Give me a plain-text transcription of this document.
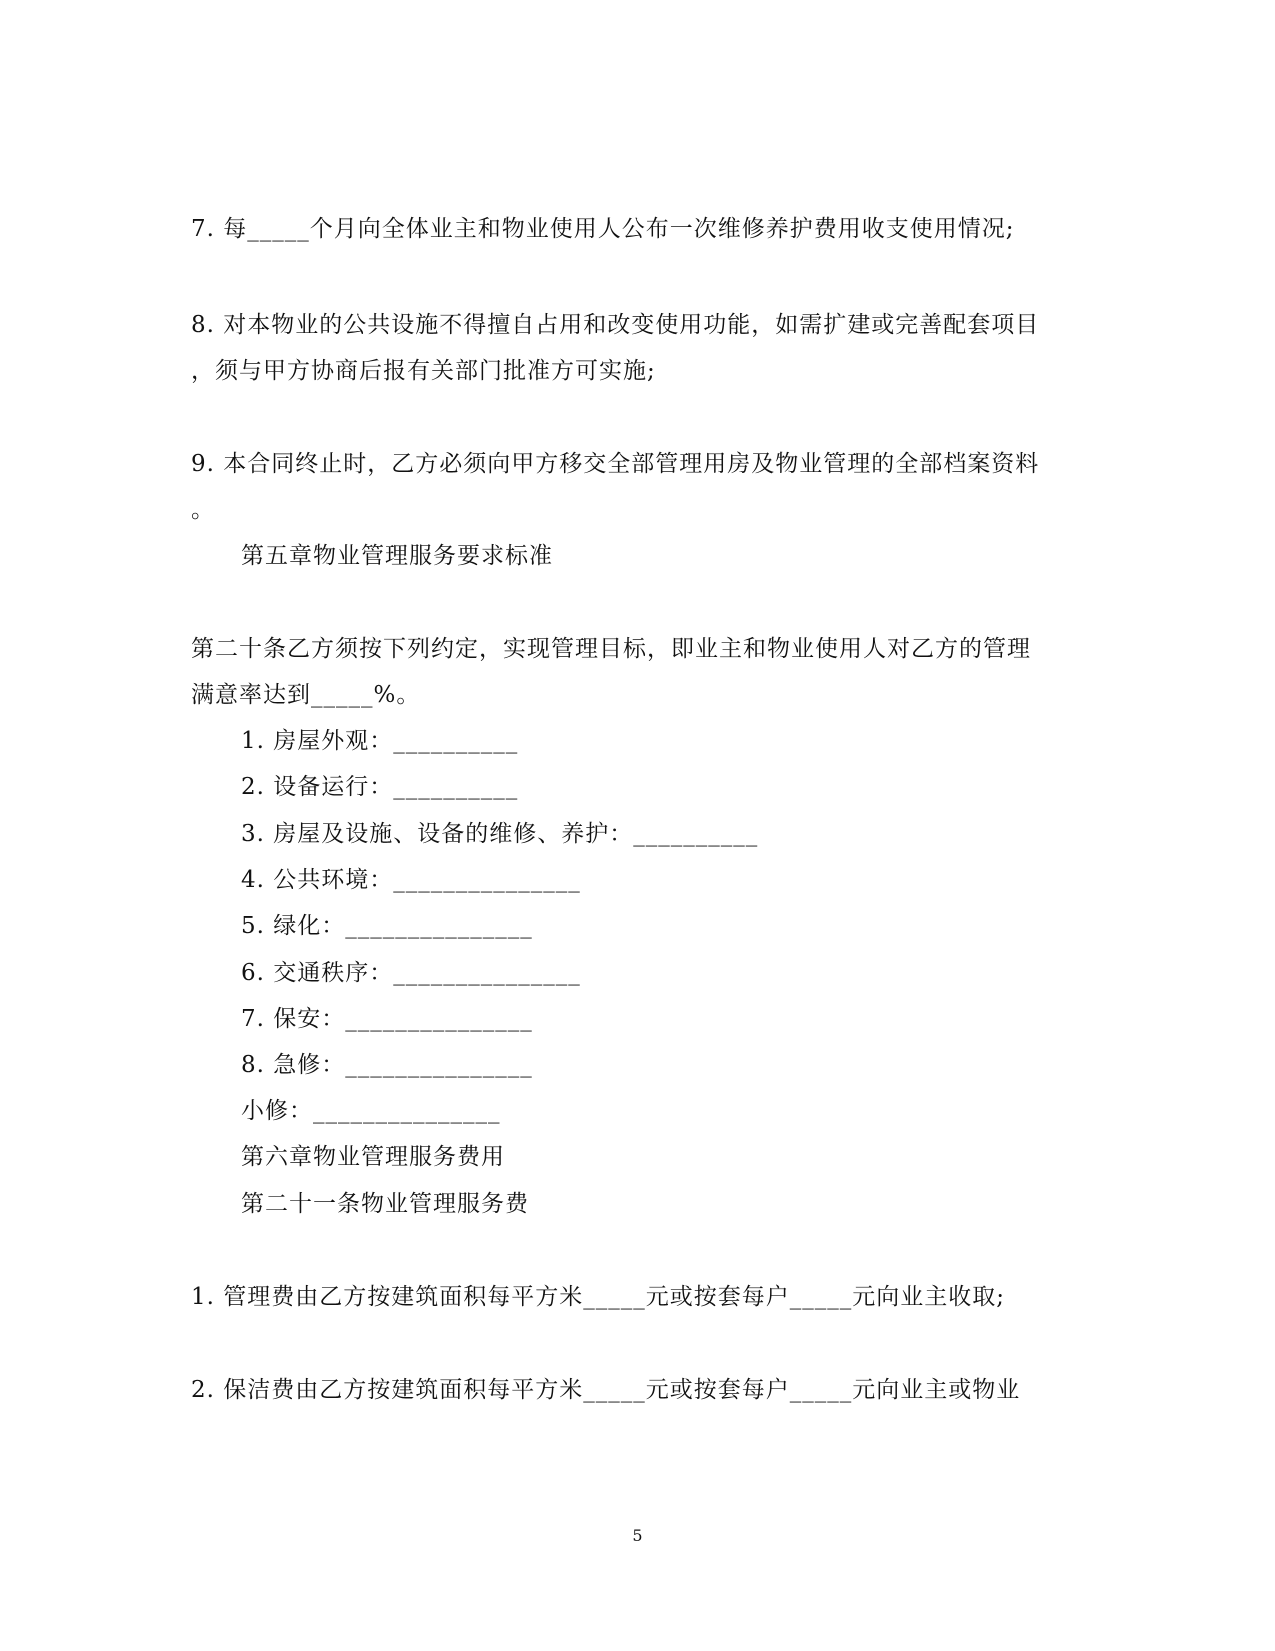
7. 每_____个月向全体业主和物业使用人公布一次维修养护费用收支使用情况;
8. 对本物业的公共设施不得擅自占用和改变使用功能，如需扩建或完善配套项目
，须与甲方协商后报有关部门批准方可实施;
9. 本合同终止时，乙方必须向甲方移交全部管理用房及物业管理的全部档案资料
。
第五章物业管理服务要求标准
第二十条乙方须按下列约定，实现管理目标，即业主和物业使用人对乙方的管理
满意率达到_____%。
1. 房屋外观：__________
2. 设备运行：__________
3. 房屋及设施、设备的维修、养护：__________
4. 公共环境：_______________
5. 绿化：_______________
6. 交通秩序：_______________
7. 保安：_______________
8. 急修：_______________
小修：_______________
第六章物业管理服务费用
第二十一条物业管理服务费
1. 管理费由乙方按建筑面积每平方米_____元或按套每户_____元向业主收取;
2. 保洁费由乙方按建筑面积每平方米_____元或按套每户_____元向业主或物业
5
